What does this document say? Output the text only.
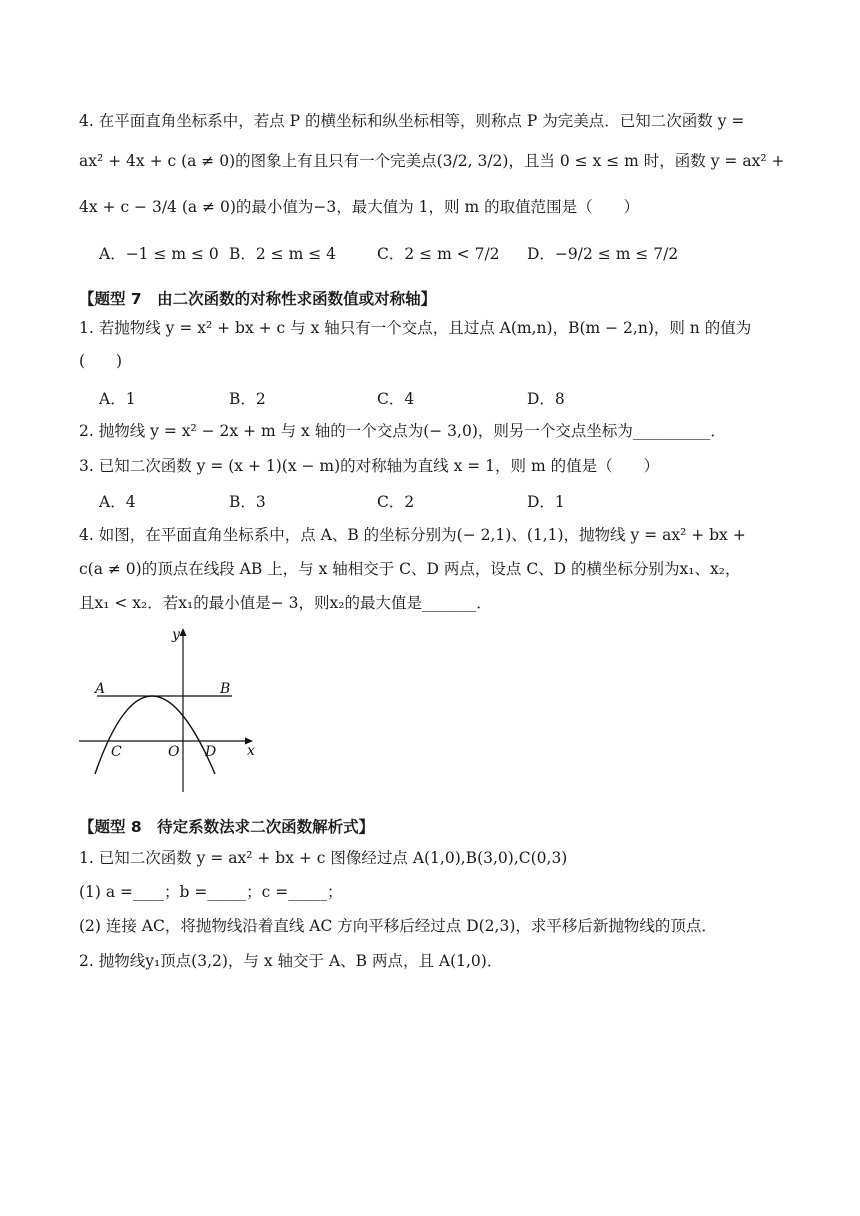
4. 在平面直角坐标系中，若点 P 的横坐标和纵坐标相等，则称点 P 为完美点．已知二次函数 y =
ax² + 4x + c (a ≠ 0)的图象上有且只有一个完美点(3/2, 3/2)，且当 0 ≤ x ≤ m 时，函数 y = ax² +
4x + c − 3/4 (a ≠ 0)的最小值为−3，最大值为 1，则 m 的取值范围是（　　）
A．−1 ≤ m ≤ 0 B．2 ≤ m ≤ 4	C．2 ≤ m < 7/2 D．−9/2 ≤ m ≤ 7/2
【题型 7　由二次函数的对称性求函数值或对称轴】
1. 若抛物线 y = x² + bx + c 与 x 轴只有一个交点，且过点 A(m,n)，B(m − 2,n)，则 n 的值为
(　　)
A．1	B．2	C．4	D．8
2. 抛物线 y = x² − 2x + m 与 x 轴的一个交点为(− 3,0)，则另一个交点坐标为__________．
3. 已知二次函数 y = (x + 1)(x − m)的对称轴为直线 x = 1，则 m 的值是（　　）
A．4	B．3	C．2	D．1
4. 如图，在平面直角坐标系中，点 A、B 的坐标分别为(− 2,1)、(1,1)，抛物线 y = ax² + bx +
c(a ≠ 0)的顶点在线段 AB 上，与 x 轴相交于 C、D 两点，设点 C、D 的横坐标分别为x₁、x₂，
且x₁ < x₂．若x₁的最小值是− 3，则x₂的最大值是_______．
A	B
C	O D x
y
【题型 8　待定系数法求二次函数解析式】
1. 已知二次函数 y = ax² + bx + c 图像经过点 A(1,0),B(3,0),C(0,3)
(1) a =____；b =_____；c =_____；
(2) 连接 AC，将抛物线沿着直线 AC 方向平移后经过点 D(2,3)，求平移后新抛物线的顶点．
2. 抛物线y₁顶点(3,2)，与 x 轴交于 A、B 两点，且 A(1,0)．
